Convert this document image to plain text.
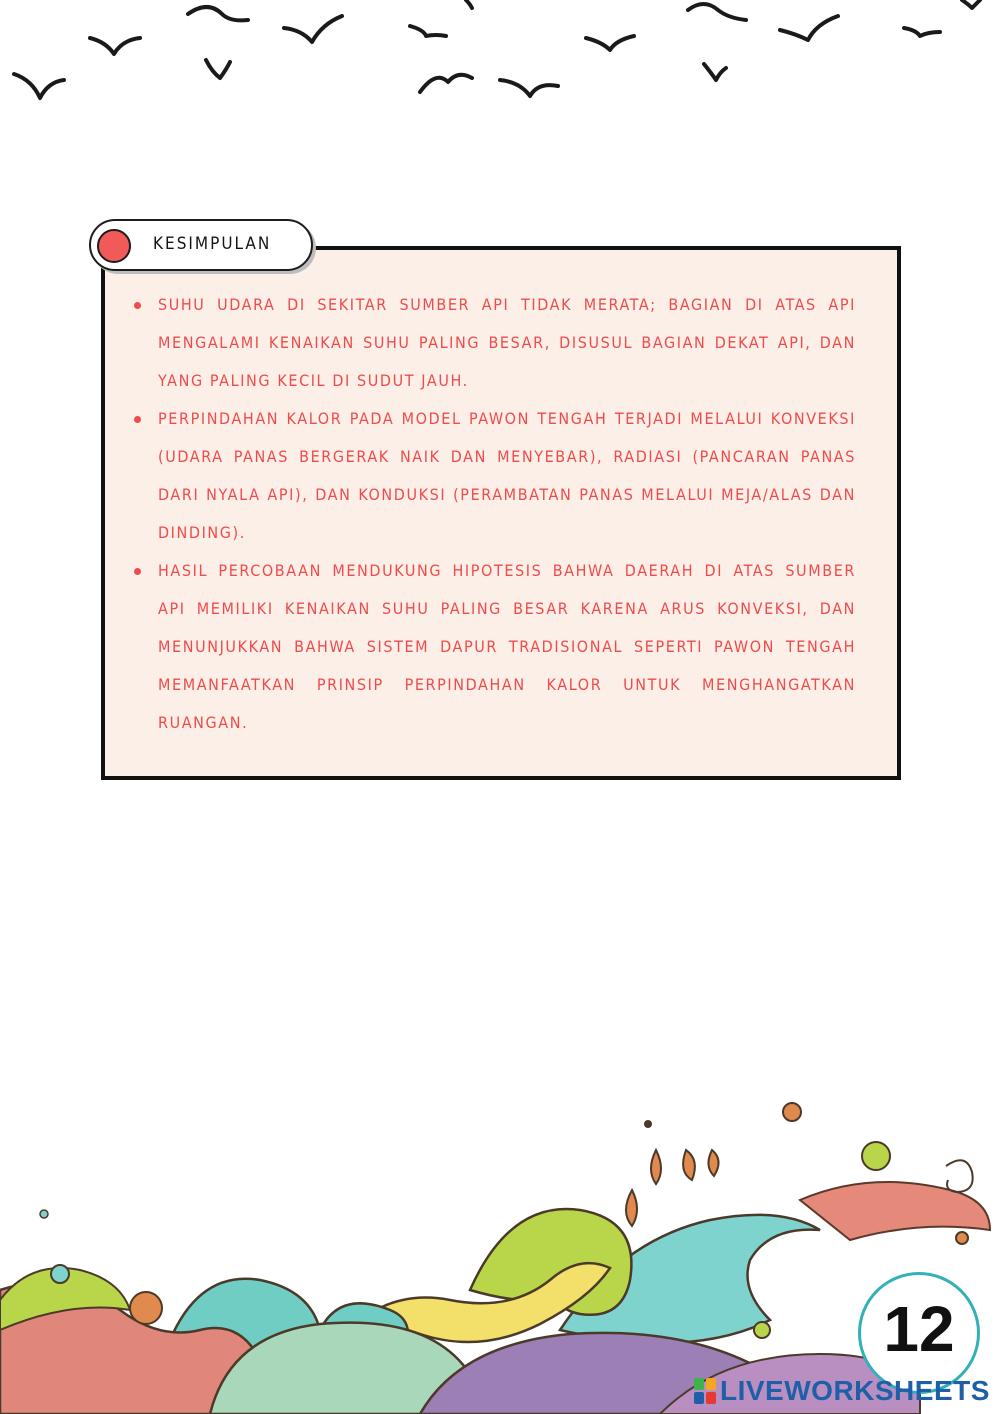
KESIMPULAN
SUHU UDARA DI SEKITAR SUMBER API TIDAK MERATA; BAGIAN DI ATAS API MENGALAMI KENAIKAN SUHU PALING BESAR, DISUSUL BAGIAN DEKAT API, DAN YANG PALING KECIL DI SUDUT JAUH.
PERPINDAHAN KALOR PADA MODEL PAWON TENGAH TERJADI MELALUI KONVEKSI (UDARA PANAS BERGERAK NAIK DAN MENYEBAR), RADIASI (PANCARAN PANAS DARI NYALA API), DAN KONDUKSI (PERAMBATAN PANAS MELALUI MEJA/ALAS DAN DINDING).
HASIL PERCOBAAN MENDUKUNG HIPOTESIS BAHWA DAERAH DI ATAS SUMBER API MEMILIKI KENAIKAN SUHU PALING BESAR KARENA ARUS KONVEKSI, DAN MENUNJUKKAN BAHWA SISTEM DAPUR TRADISIONAL SEPERTI PAWON TENGAH MEMANFAATKAN PRINSIP PERPINDAHAN KALOR UNTUK MENGHANGATKAN RUANGAN.
12
LIVEWORKSHEETS
